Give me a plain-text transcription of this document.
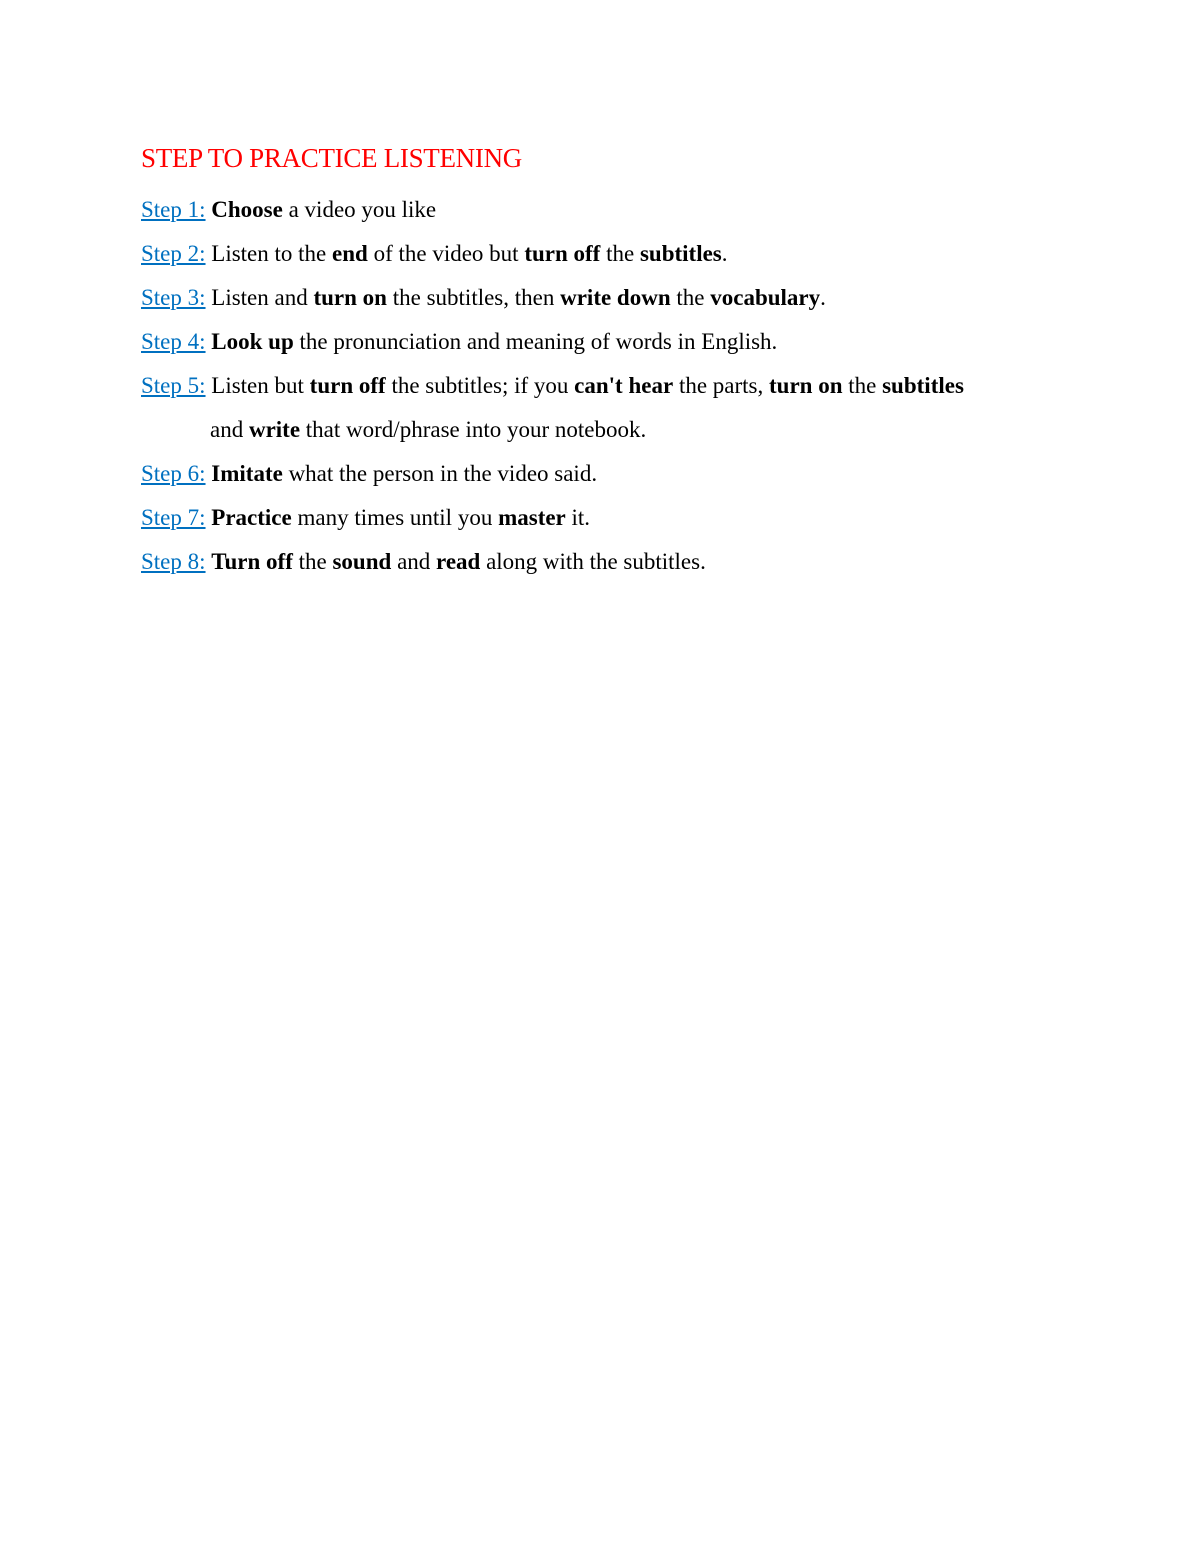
STEP TO PRACTICE LISTENING

Step 1: Choose a video you like

Step 2: Listen to the end of the video but turn off the subtitles.

Step 3: Listen and turn on the subtitles, then write down the vocabulary.

Step 4: Look up the pronunciation and meaning of words in English.

Step 5: Listen but turn off the subtitles; if you can't hear the parts, turn on the subtitles
and write that word/phrase into your notebook.

Step 6: Imitate what the person in the video said.

Step 7: Practice many times until you master it.

Step 8: Turn off the sound and read along with the subtitles.
